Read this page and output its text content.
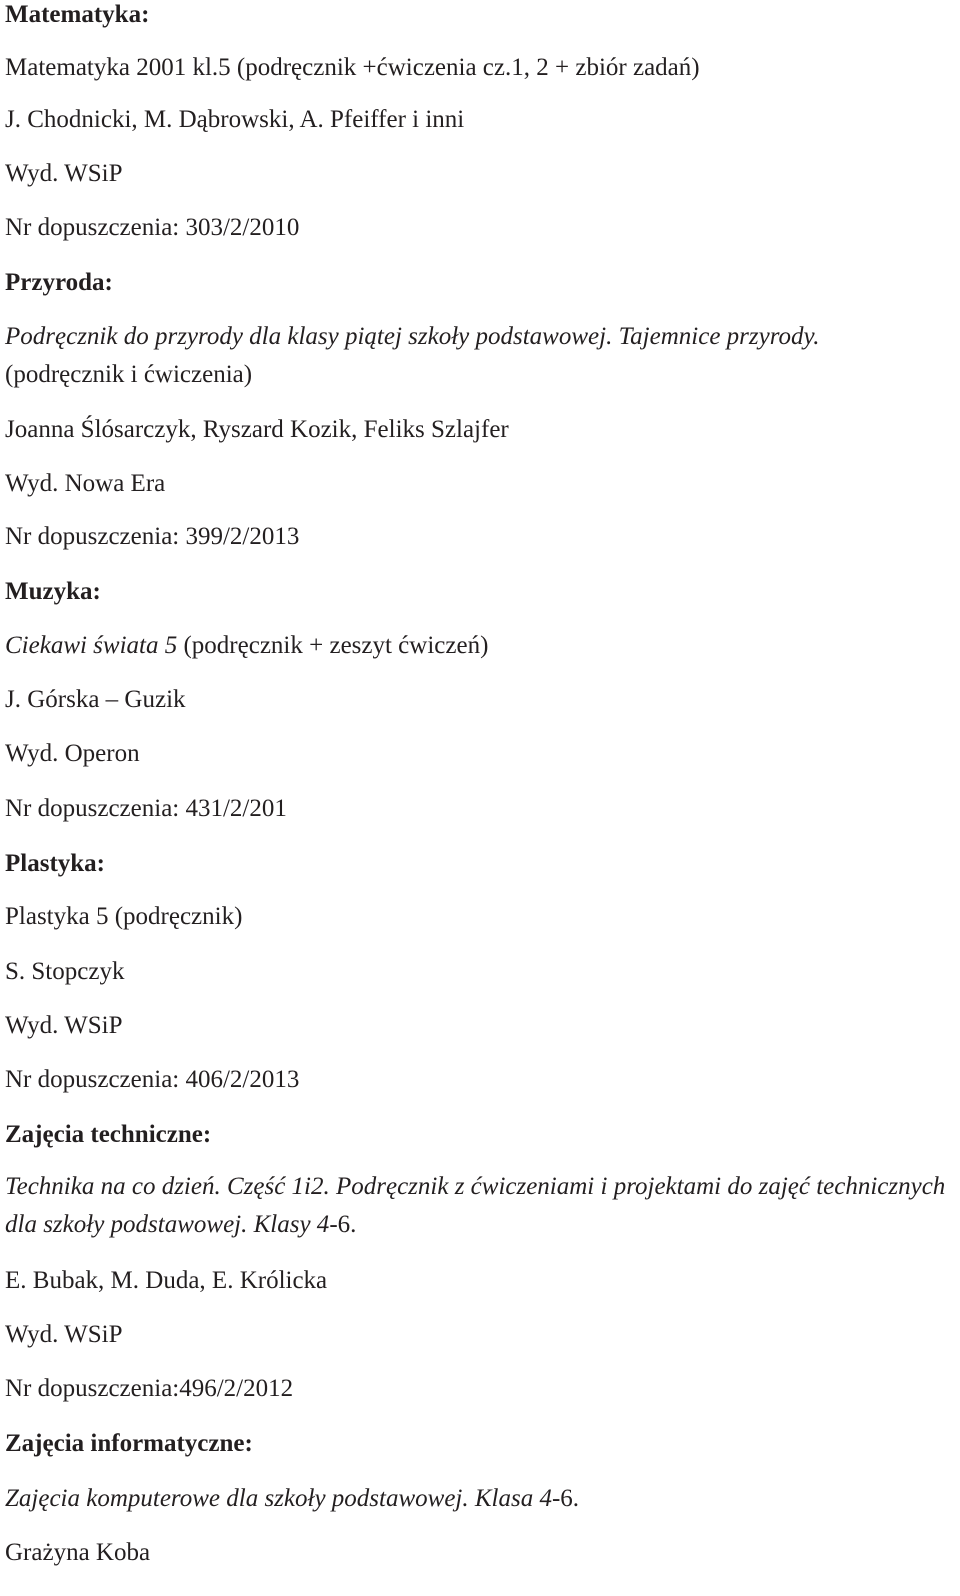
Matematyka:
Matematyka 2001 kl.5 (podręcznik +ćwiczenia cz.1, 2 + zbiór zadań)
J. Chodnicki, M. Dąbrowski, A. Pfeiffer i inni
Wyd. WSiP
Nr dopuszczenia: 303/2/2010
Przyroda:
Podręcznik do przyrody dla klasy piątej szkoły podstawowej. Tajemnice przyrody.
(podręcznik i ćwiczenia)
Joanna Ślósarczyk, Ryszard Kozik, Feliks Szlajfer
Wyd. Nowa Era
Nr dopuszczenia: 399/2/2013
Muzyka:
Ciekawi świata 5 (podręcznik + zeszyt ćwiczeń)
J. Górska – Guzik
Wyd. Operon
Nr dopuszczenia: 431/2/201
Plastyka:
Plastyka 5 (podręcznik)
S. Stopczyk
Wyd. WSiP
Nr dopuszczenia: 406/2/2013
Zajęcia techniczne:
Technika na co dzień. Część 1i2. Podręcznik z ćwiczeniami i projektami do zajęć technicznych dla szkoły podstawowej. Klasy 4-6.
E. Bubak, M. Duda, E. Królicka
Wyd. WSiP
Nr dopuszczenia:496/2/2012
Zajęcia informatyczne:
Zajęcia komputerowe dla szkoły podstawowej. Klasa 4-6.
Grażyna Koba
